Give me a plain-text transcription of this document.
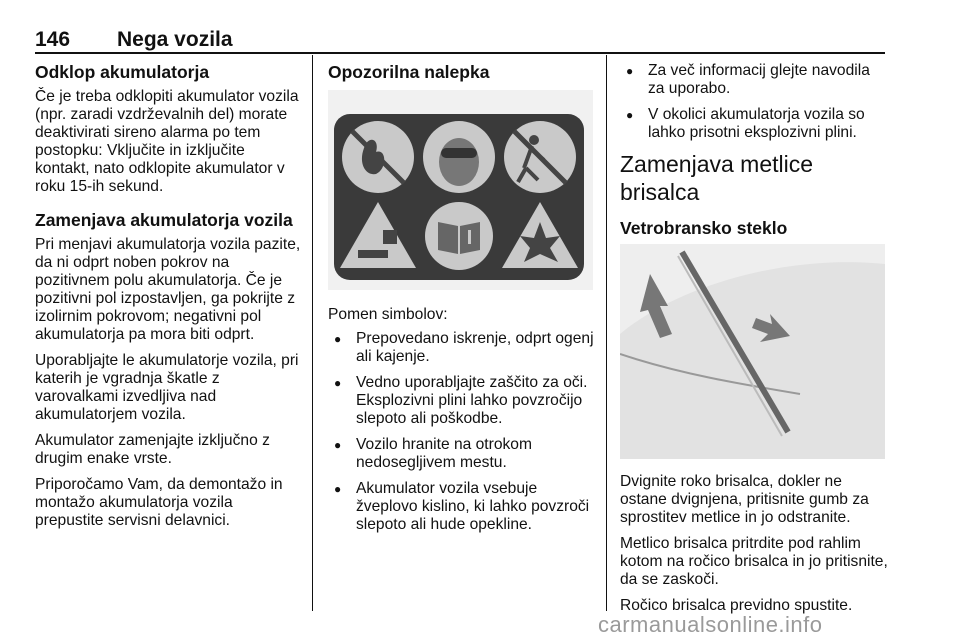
146 Nega vozila
Odklop akumulatorja

Če je treba odklopiti akumulator vozila (npr. zaradi vzdrževalnih del) morate deaktivirati sireno alarma po tem postopku: Vključite in izključite kontakt, nato odklopite akumulator v roku 15-ih sekund.

Zamenjava akumulatorja vozila

Pri menjavi akumulatorja vozila pazite, da ni odprt noben pokrov na pozitivnem polu akumulatorja. Če je pozitivni pol izpostavljen, ga pokrijte z izolirnim pokrovom; negativni pol akumulatorja pa mora biti odprt.

Uporabljajte le akumulatorje vozila, pri katerih je vgradnja škatle z varovalkami izvedljiva nad akumulatorjem vozila.

Akumulator zamenjajte izključno z drugim enake vrste.

Priporočamo Vam, da demontažo in montažo akumulatorja vozila prepustite servisni delavnici.

Opozorilna nalepka

Pomen simbolov:

● Prepovedano iskrenje, odprt ogenj ali kajenje.
● Vedno uporabljajte zaščito za oči. Eksplozivni plini lahko povzročijo slepoto ali poškodbe.
● Vozilo hranite na otrokom nedosegljivem mestu.
● Akumulator vozila vsebuje žveplovo kislino, ki lahko povzroči slepoto ali hude opekline.
● Za več informacij glejte navodila za uporabo.
● V okolici akumulatorja vozila so lahko prisotni eksplozivni plini.
Zamenjava metlice brisalca
Vetrobransko steklo

Dvignite roko brisalca, dokler ne ostane dvignjena, pritisnite gumb za sprostitev metlice in jo odstranite.

Metlico brisalca pritrdite pod rahlim kotom na ročico brisalca in jo pritisnite, da se zaskoči.

Ročico brisalca previdno spustite.

carmanualsonline.info
